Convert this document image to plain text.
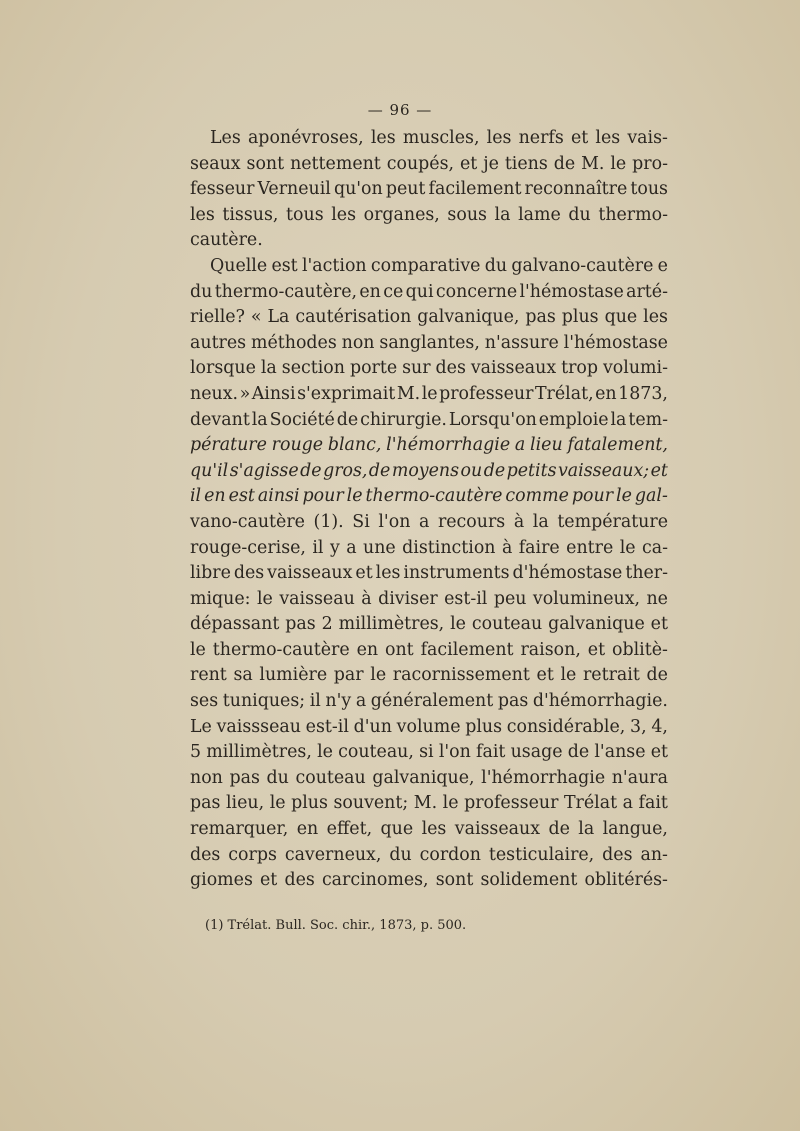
— 96 —
Les aponévroses, les muscles, les nerfs et les vais-
seaux sont nettement coupés, et je tiens de M. le pro-
fesseur Verneuil qu'on peut facilement reconnaître tous
les tissus, tous les organes, sous la lame du thermo-
cautère.
Quelle est l'action comparative du galvano-cautère e
du thermo-cautère, en ce qui concerne l'hémostase arté-
rielle? « La cautérisation galvanique, pas plus que les
autres méthodes non sanglantes, n'assure l'hémostase
lorsque la section porte sur des vaisseaux trop volumi-
neux. » Ainsi s'exprimait M. le professeur Trélat, en 1873,
devant la Société de chirurgie. Lorsqu'on emploie la tem-
pérature rouge blanc, l'hémorrhagie a lieu fatalement,
qu'il s'agisse de gros, de moyens ou de petits vaisseaux; et
il en est ainsi pour le thermo-cautère comme pour le gal-
vano-cautère (1). Si l'on a recours à la température
rouge-cerise, il y a une distinction à faire entre le ca-
libre des vaisseaux et les instruments d'hémostase ther-
mique: le vaisseau à diviser est-il peu volumineux, ne
dépassant pas 2 millimètres, le couteau galvanique et
le thermo-cautère en ont facilement raison, et oblitè-
rent sa lumière par le racornissement et le retrait de
ses tuniques; il n'y a généralement pas d'hémorrhagie.
Le vaissseau est-il d'un volume plus considérable, 3, 4,
5 millimètres, le couteau, si l'on fait usage de l'anse et
non pas du couteau galvanique, l'hémorrhagie n'aura
pas lieu, le plus souvent; M. le professeur Trélat a fait
remarquer, en effet, que les vaisseaux de la langue,
des corps caverneux, du cordon testiculaire, des an-
giomes et des carcinomes, sont solidement oblitérés-
(1) Trélat. Bull. Soc. chir., 1873, p. 500.
